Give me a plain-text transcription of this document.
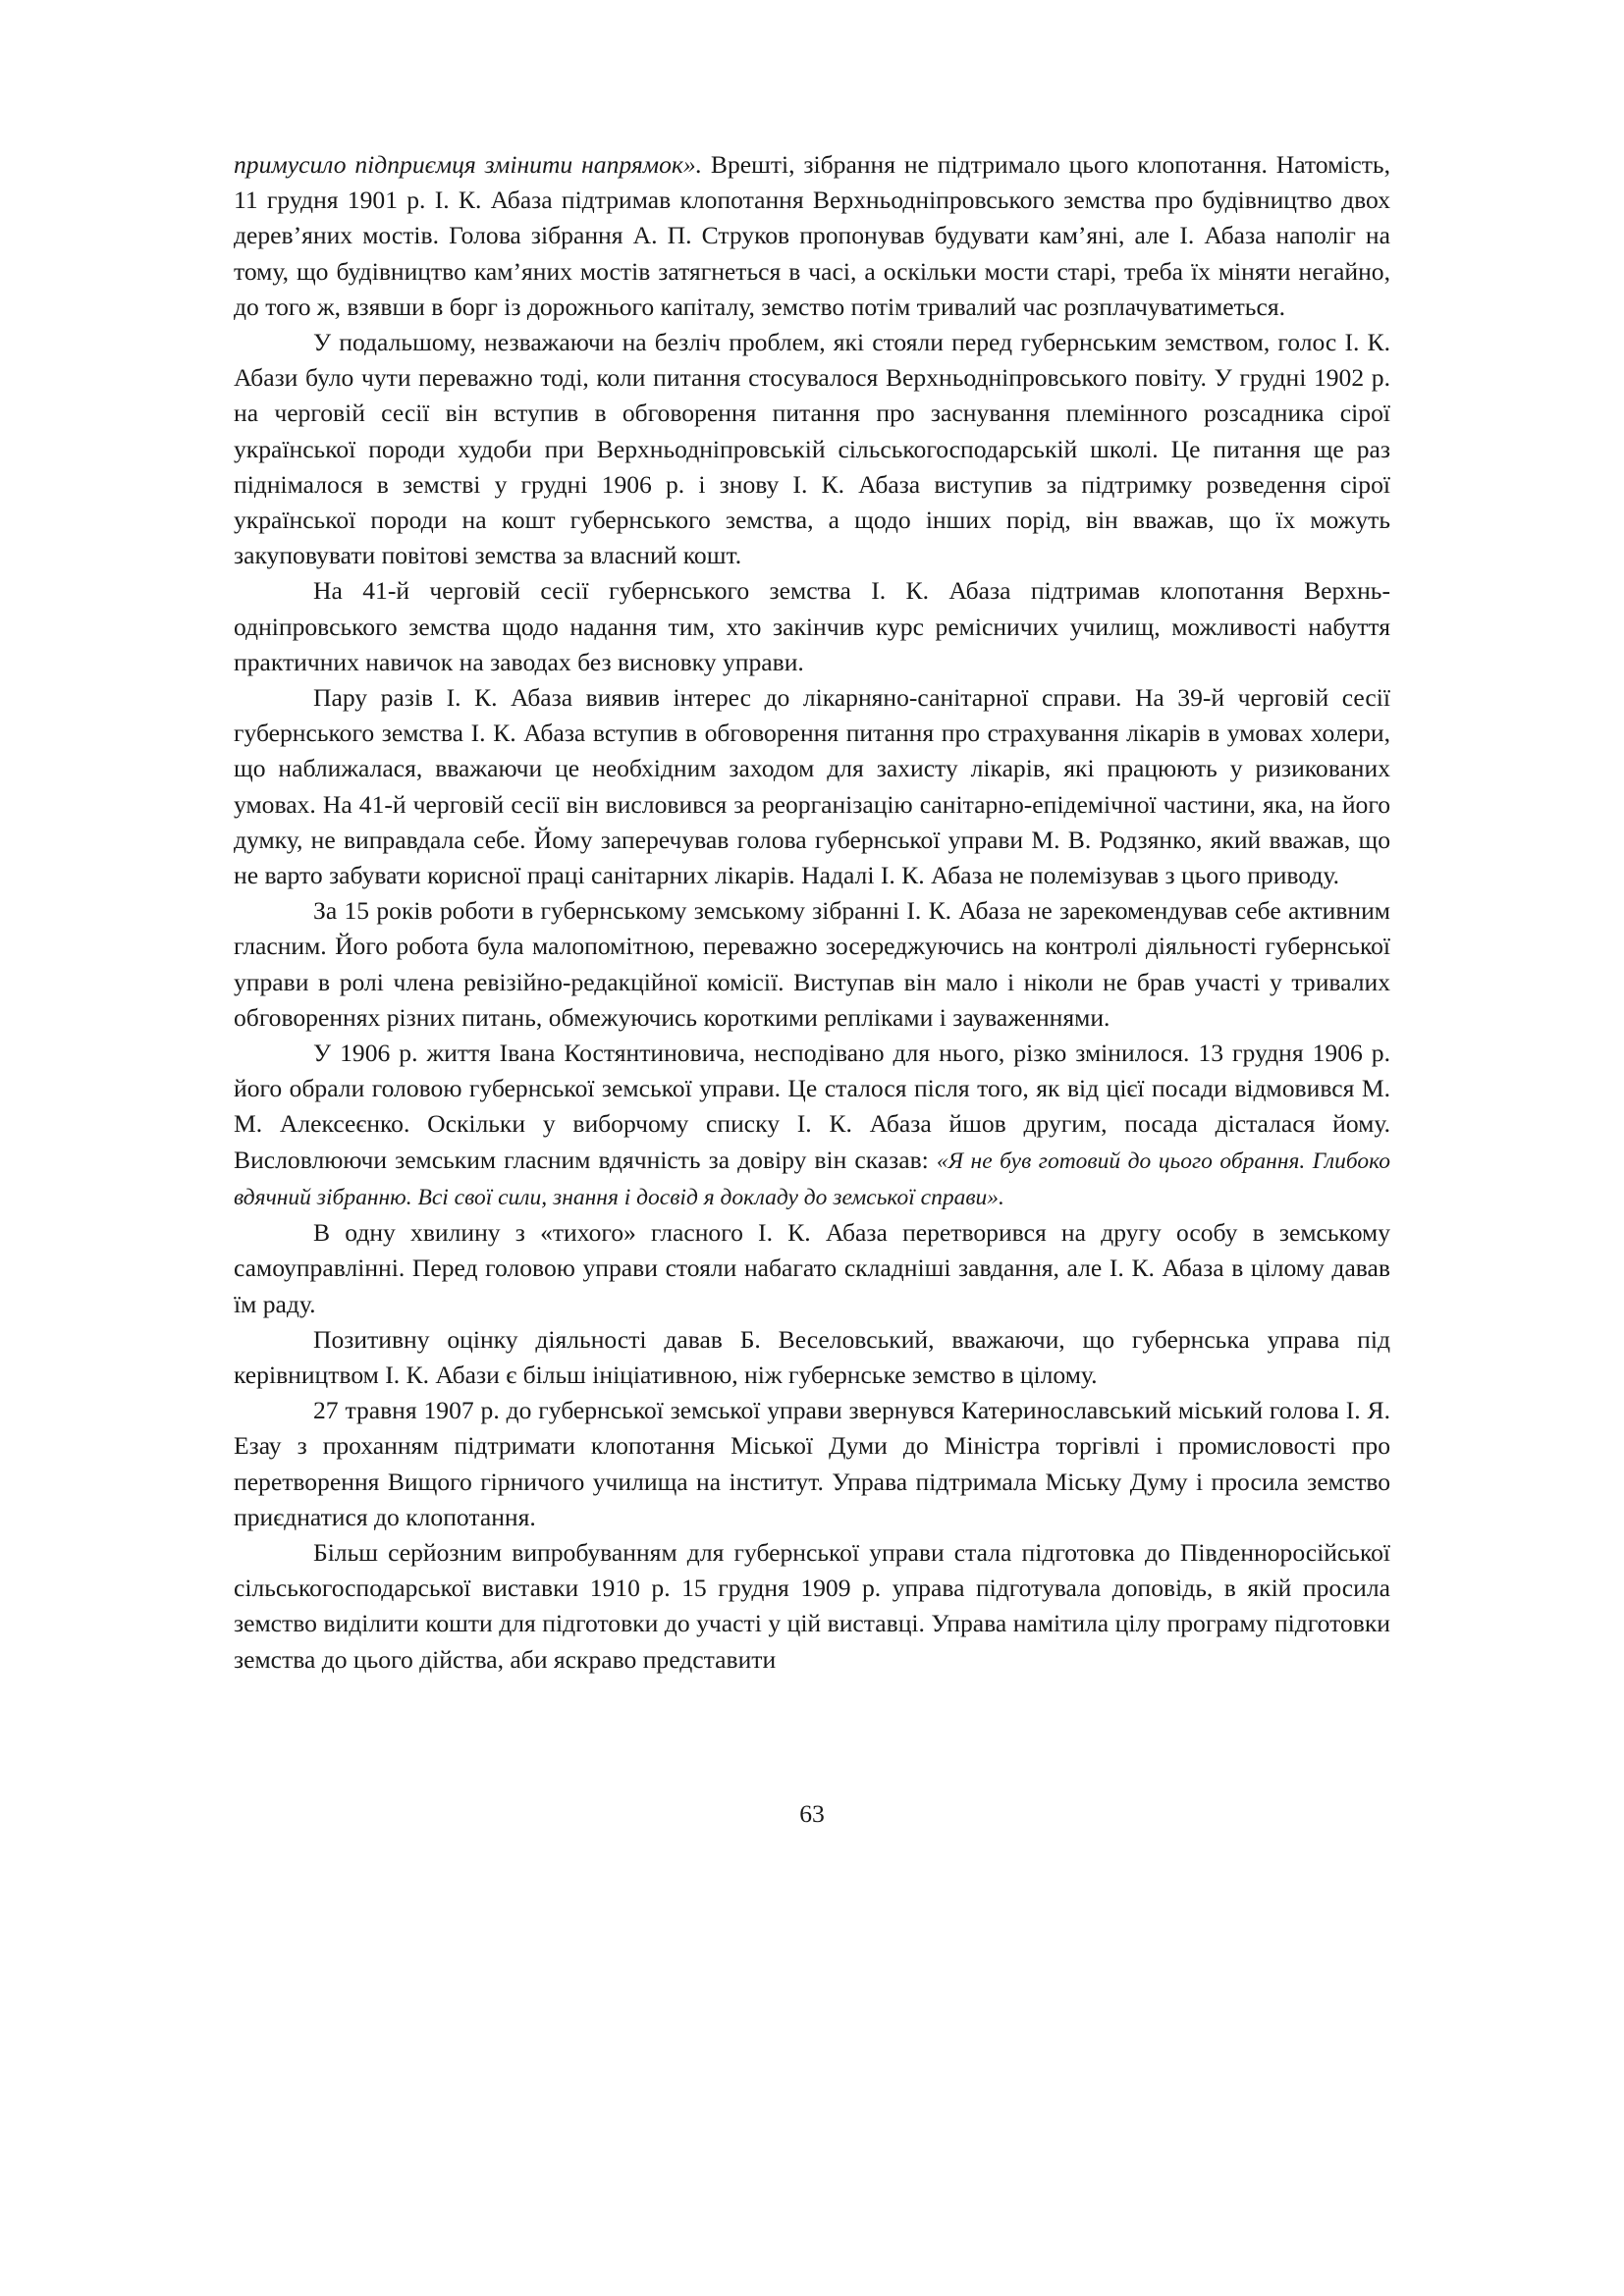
примусило підприємця змінити напрямок». Врешті, зібрання не підтримало цього клопотання. Натомість, 11 грудня 1901 р. І. К. Абаза підтримав клопотання Верхньодніпровського земства про будівництво двох дерев’яних мостів. Голова зібрання А. П. Струков пропонував будувати кам’яні, але І. Абаза наполіг на тому, що будівництво кам’яних мостів затягнеться в часі, а оскільки мости старі, треба їх міняти негайно, до того ж, взявши в борг із дорожнього капіталу, земство потім тривалий час розплачуватиметься.

У подальшому, незважаючи на безліч проблем, які стояли перед губернським земством, голос І. К. Абази було чути переважно тоді, коли питання стосувалося Верхньодніпровського повіту. У грудні 1902 р. на черговій сесії він вступив в обговорення питання про заснування племінного розсадника сірої української породи худоби при Верхньодніпровській сільськогосподарській школі. Це питання ще раз піднімалося в земстві у грудні 1906 р. і знову І. К. Абаза виступив за підтримку розведення сірої української породи на кошт губернського земства, а щодо інших порід, він вважав, що їх можуть закуповувати повітові земства за власний кошт.

На 41-й черговій сесії губернського земства І. К. Абаза підтримав клопотання Верхньодніпровського земства щодо надання тим, хто закінчив курс ремісничих училищ, можливості набуття практичних навичок на заводах без висновку управи.

Пару разів І. К. Абаза виявив інтерес до лікарняно-санітарної справи. На 39-й черговій сесії губернського земства І. К. Абаза вступив в обговорення питання про страхування лікарів в умовах холери, що наближалася, вважаючи це необхідним заходом для захисту лікарів, які працюють у ризикованих умовах. На 41-й черговій сесії він висловився за реорганізацію санітарно-епідемічної частини, яка, на його думку, не виправдала себе. Йому заперечував голова губернської управи М. В. Родзянко, який вважав, що не варто забувати корисної праці санітарних лікарів. Надалі І. К. Абаза не полемізував з цього приводу.

За 15 років роботи в губернському земському зібранні І. К. Абаза не зарекомендував себе активним гласним. Його робота була малопомітною, переважно зосереджуючись на контролі діяльності губернської управи в ролі члена ревізійно-редакційної комісії. Виступав він мало і ніколи не брав участі у тривалих обговореннях різних питань, обмежуючись короткими репліками і зауваженнями.

У 1906 р. життя Івана Костянтиновича, несподівано для нього, різко змінилося. 13 грудня 1906 р. його обрали головою губернської земської управи. Це сталося після того, як від цієї посади відмовився М. М. Алексеєнко. Оскільки у виборчому списку І. К. Абаза йшов другим, посада дісталася йому. Висловлюючи земським гласним вдячність за довіру він сказав: «Я не був готовий до цього обрання. Глибоко вдячний зібранню. Всі свої сили, знання і досвід я докладу до земської справи».

В одну хвилину з «тихого» гласного І. К. Абаза перетворився на другу особу в земському самоуправлінні. Перед головою управи стояли набагато складніші завдання, але І. К. Абаза в цілому давав їм раду.

Позитивну оцінку діяльності давав Б. Веселовський, вважаючи, що губернська управа під керівництвом І. К. Абази є більш ініціативною, ніж губернське земство в цілому.

27 травня 1907 р. до губернської земської управи звернувся Катеринославський міський голова І. Я. Езау з проханням підтримати клопотання Міської Думи до Міністра торгівлі і промисловості про перетворення Вищого гірничого училища на інститут. Управа підтримала Міську Думу і просила земство приєднатися до клопотання.

Більш серйозним випробуванням для губернської управи стала підготовка до Південноросійської сільськогосподарської виставки 1910 р. 15 грудня 1909 р. управа підготувала доповідь, в якій просила земство виділити кошти для підготовки до участі у цій виставці. Управа намітила цілу програму підготовки земства до цього дійства, аби яскраво представити

63
